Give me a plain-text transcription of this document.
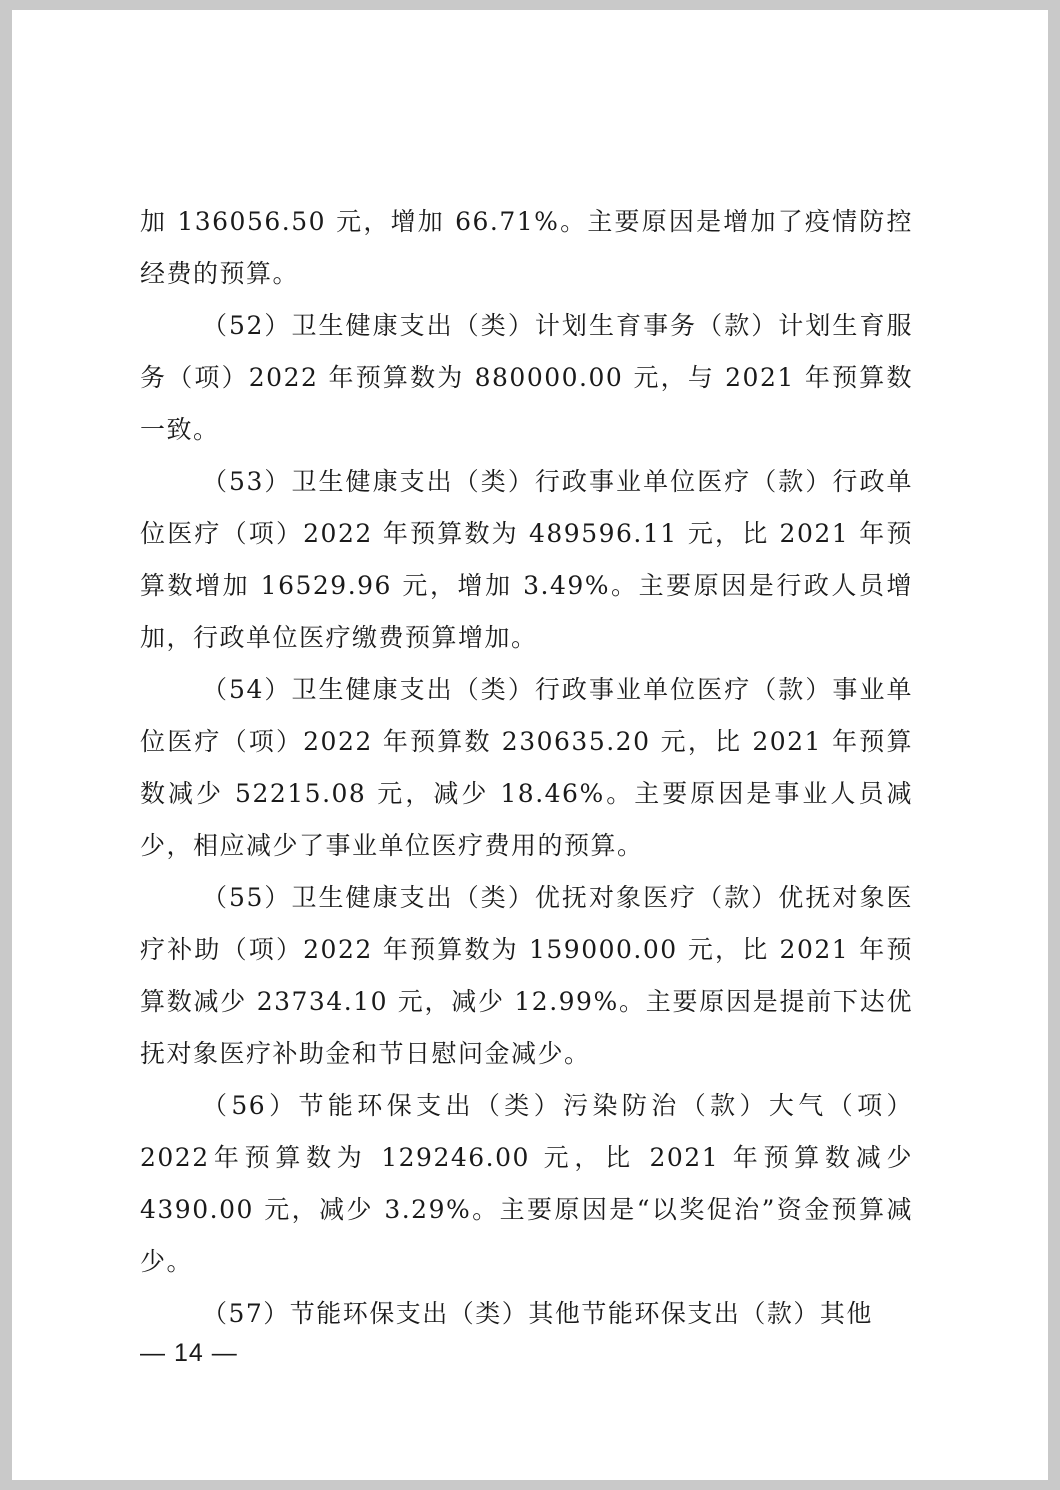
加 136056.50 元，增加 66.71%。主要原因是增加了疫情防控经费的预算。

（52）卫生健康支出（类）计划生育事务（款）计划生育服务（项）2022 年预算数为 880000.00 元，与 2021 年预算数一致。

（53）卫生健康支出（类）行政事业单位医疗（款）行政单位医疗（项）2022 年预算数为 489596.11 元，比 2021 年预算数增加 16529.96 元，增加 3.49%。主要原因是行政人员增加，行政单位医疗缴费预算增加。

（54）卫生健康支出（类）行政事业单位医疗（款）事业单位医疗（项）2022 年预算数 230635.20 元，比 2021 年预算数减少 52215.08 元，减少 18.46%。主要原因是事业人员减少，相应减少了事业单位医疗费用的预算。

（55）卫生健康支出（类）优抚对象医疗（款）优抚对象医疗补助（项）2022 年预算数为 159000.00 元，比 2021 年预算数减少 23734.10 元，减少 12.99%。主要原因是提前下达优抚对象医疗补助金和节日慰问金减少。

（56）节能环保支出（类）污染防治（款）大气（项）2022年预算数为 129246.00 元，比 2021 年预算数减少 4390.00 元，减少 3.29%。主要原因是“以奖促治”资金预算减少。

（57）节能环保支出（类）其他节能环保支出（款）其他

— 14 —
